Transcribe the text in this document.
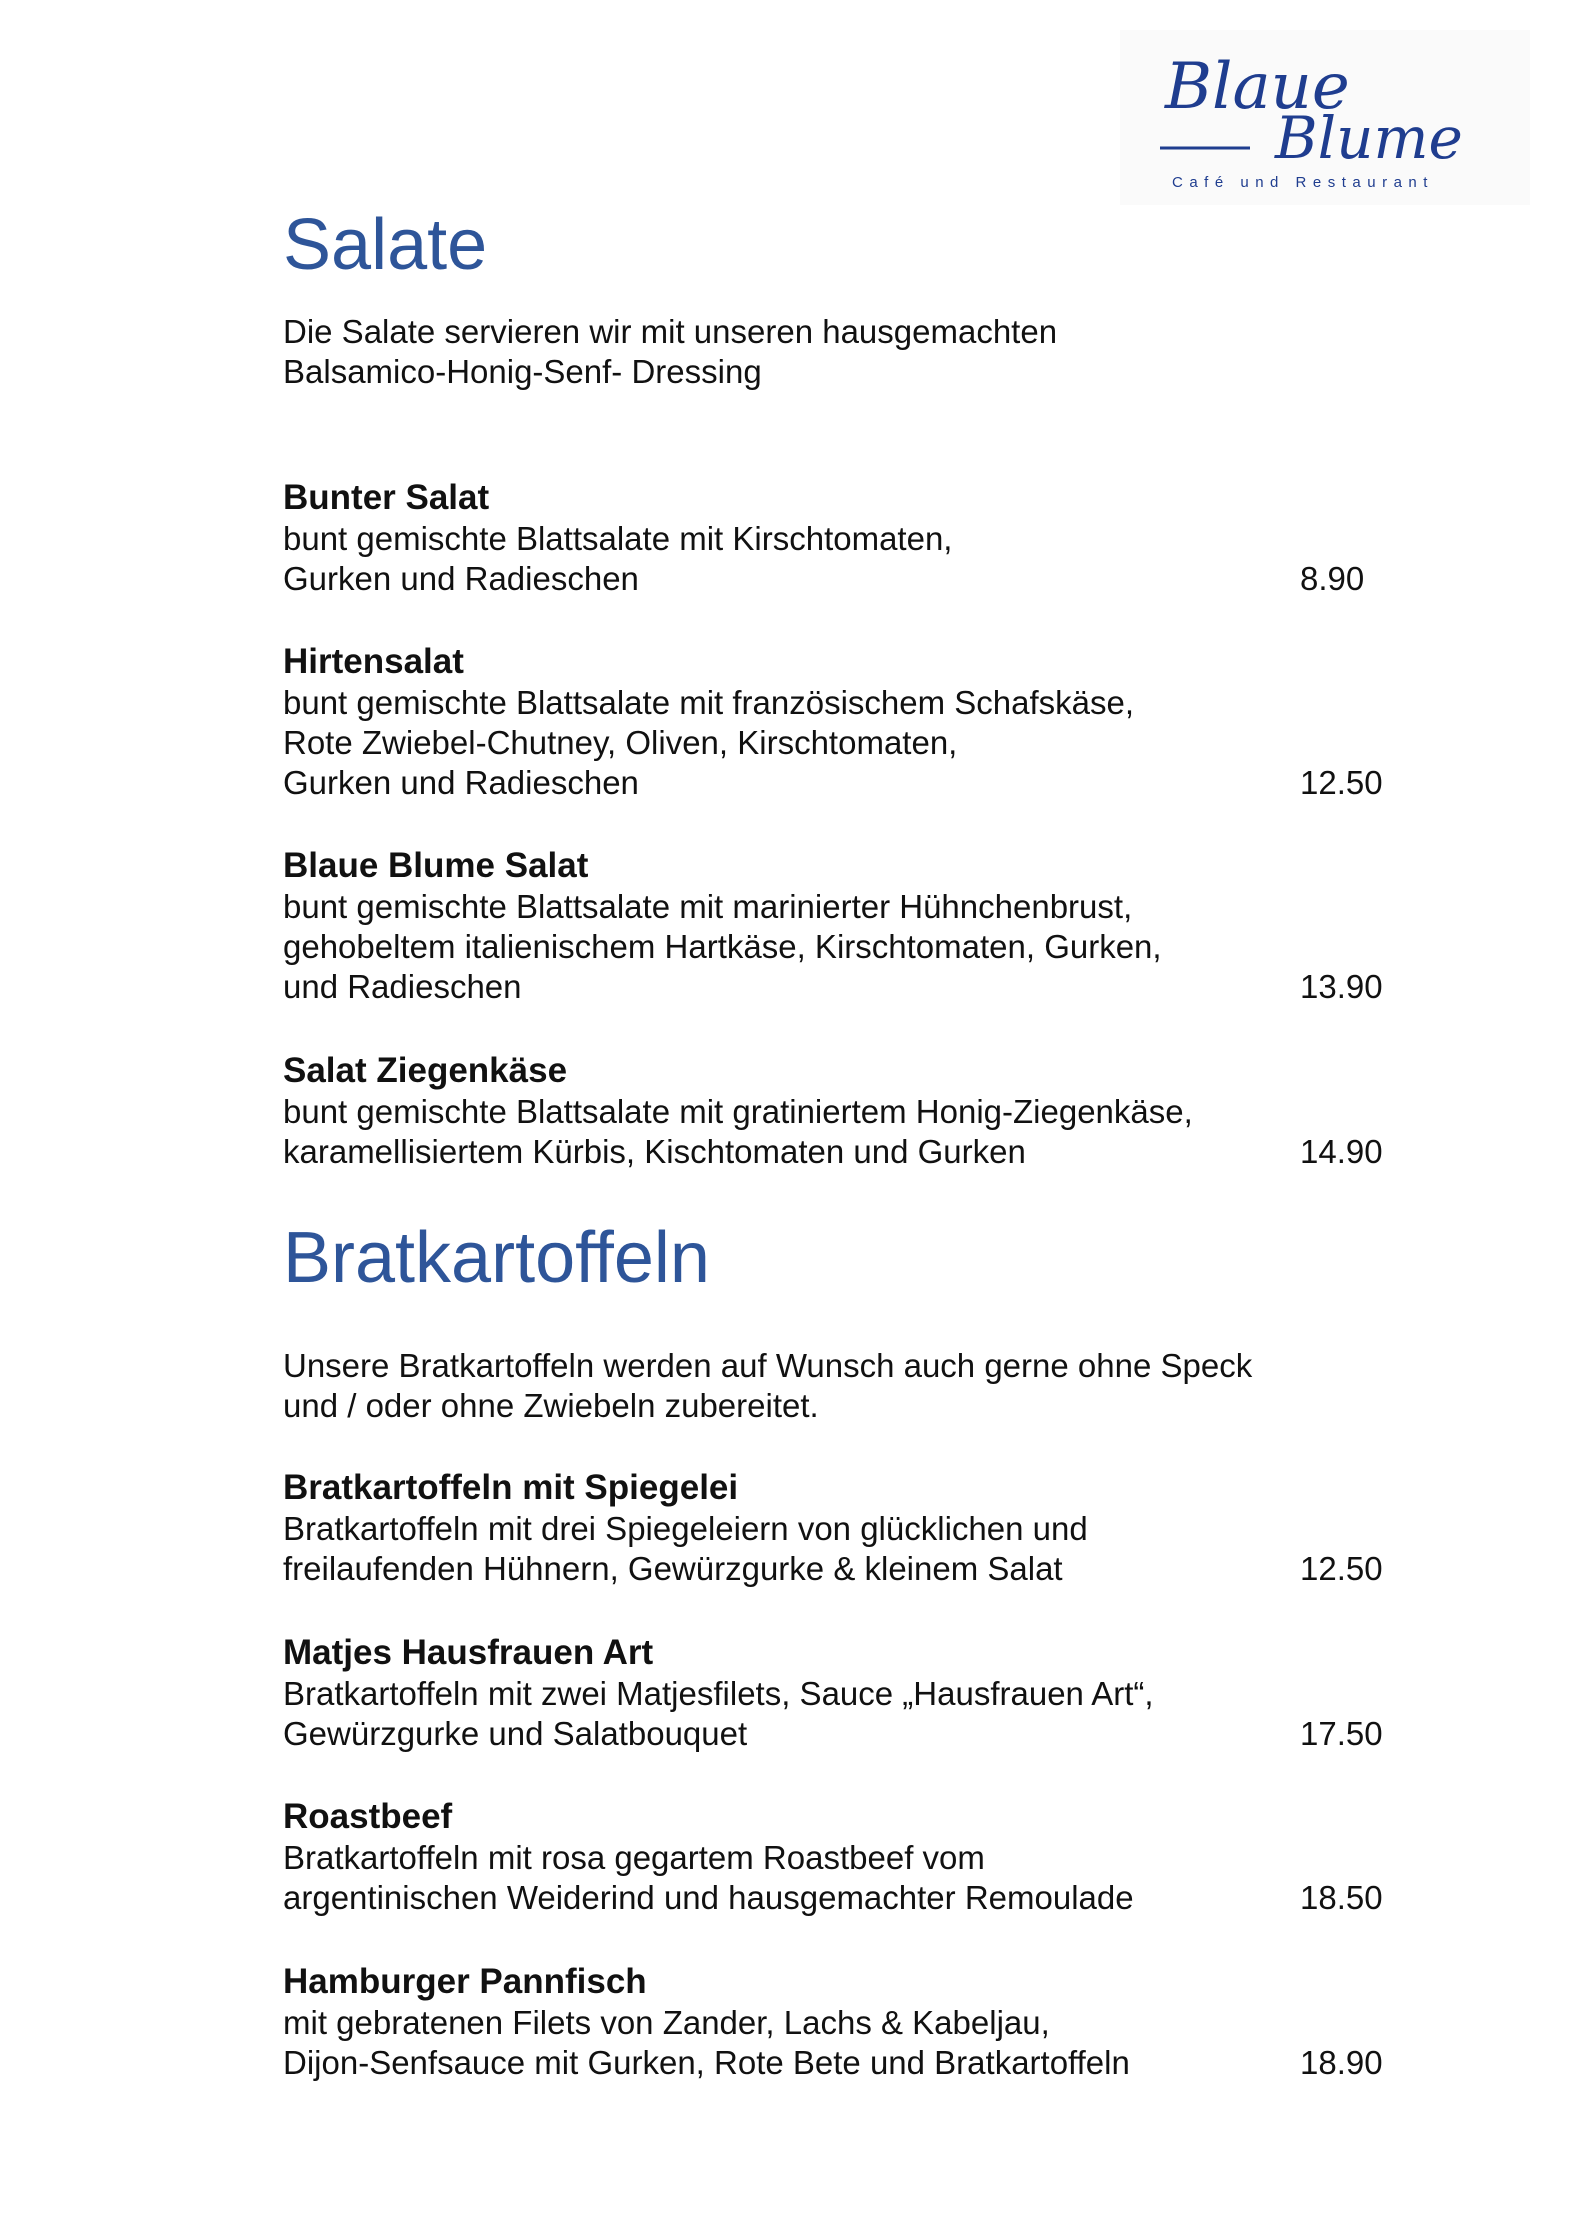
Blaue
Blume
Café und Restaurant
Salate

Die Salate servieren wir mit unseren hausgemachten
Balsamico-Honig-Senf- Dressing

Bunter Salat
bunt gemischte Blattsalate mit Kirschtomaten,
Gurken und Radieschen	8.90
Hirtensalat
bunt gemischte Blattsalate mit französischem Schafskäse,
Rote Zwiebel-Chutney, Oliven, Kirschtomaten,
Gurken und Radieschen	12.50
Blaue Blume Salat
bunt gemischte Blattsalate mit marinierter Hühnchenbrust,
gehobeltem italienischem Hartkäse, Kirschtomaten, Gurken,
und Radieschen	13.90
Salat Ziegenkäse
bunt gemischte Blattsalate mit gratiniertem Honig-Ziegenkäse,
karamellisiertem Kürbis, Kischtomaten und Gurken	14.90
Bratkartoffeln

Unsere Bratkartoffeln werden auf Wunsch auch gerne ohne Speck
und / oder ohne Zwiebeln zubereitet.

Bratkartoffeln mit Spiegelei
Bratkartoffeln mit drei Spiegeleiern von glücklichen und
freilaufenden Hühnern, Gewürzgurke & kleinem Salat	12.50
Matjes Hausfrauen Art
Bratkartoffeln mit zwei Matjesfilets, Sauce „Hausfrauen Art“,
Gewürzgurke und Salatbouquet	17.50
Roastbeef
Bratkartoffeln mit rosa gegartem Roastbeef vom
argentinischen Weiderind und hausgemachter Remoulade	18.50
Hamburger Pannfisch
mit gebratenen Filets von Zander, Lachs & Kabeljau,
Dijon-Senfsauce mit Gurken, Rote Bete und Bratkartoffeln	18.90
